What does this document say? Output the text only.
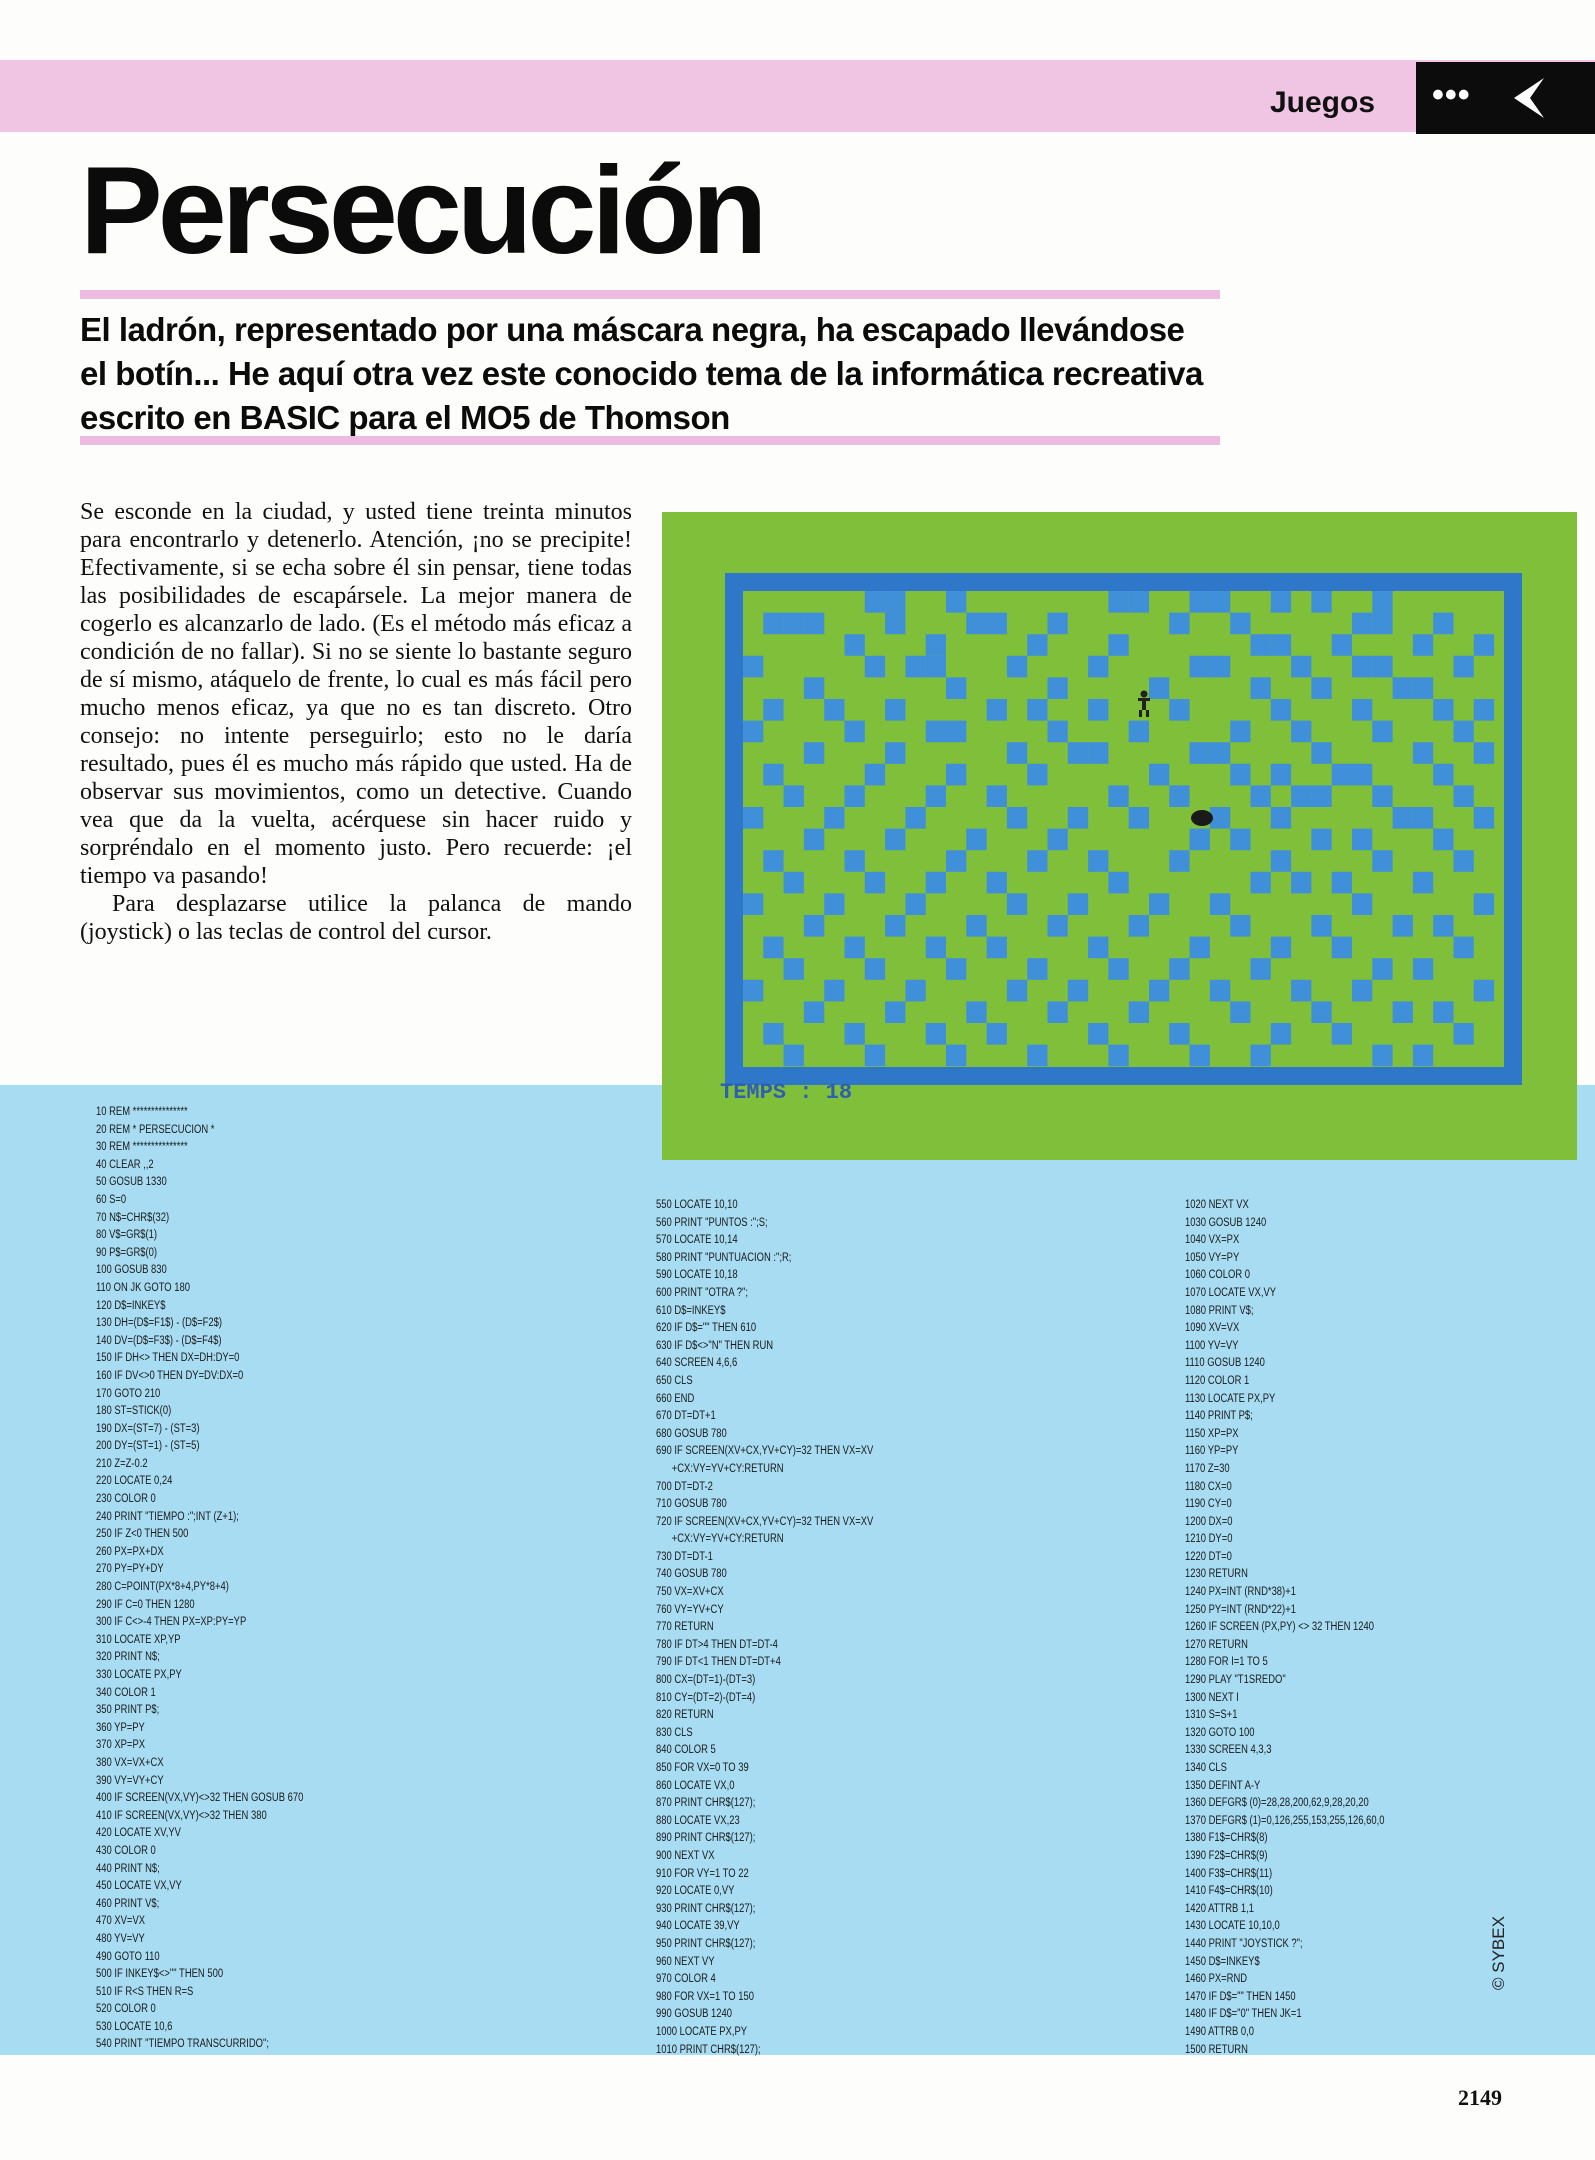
Juegos •••
Persecución

El ladrón, representado por una máscara negra, ha escapado llevándose el botín... He aquí otra vez este conocido tema de la informática recreativa escrito en BASIC para el MO5 de Thomson

Se esconde en la ciudad, y usted tiene treinta minutos para encontrarlo y detenerlo. Atención, ¡no se precipite! Efectivamente, si se echa sobre él sin pensar, tiene todas las posibilidades de escapársele. La mejor manera de cogerlo es alcanzarlo de lado. (Es el método más eficaz a condición de no fallar). Si no se siente lo bastante seguro de sí mismo, atáquelo de frente, lo cual es más fácil pero mucho menos eficaz, ya que no es tan discreto. Otro consejo: no intente perseguirlo; esto no le daría resultado, pues él es mucho más rápido que usted. Ha de observar sus movimientos, como un detective. Cuando vea que da la vuelta, acérquese sin hacer ruido y sorpréndalo en el momento justo. Pero recuerde: ¡el tiempo va pasando!

Para desplazarse utilice la palanca de mando (joystick) o las teclas de control del cursor.

TEMPS : 18
10 REM ***************
20 REM * PERSECUCION *
30 REM ***************
40 CLEAR ,,2
50 GOSUB 1330
60 S=0
70 N$=CHR$(32)
80 V$=GR$(1)
90 P$=GR$(0)
100 GOSUB 830
110 ON JK GOTO 180
120 D$=INKEY$
130 DH=(D$=F1$) - (D$=F2$)
140 DV=(D$=F3$) - (D$=F4$)
150 IF DH<> THEN DX=DH:DY=0
160 IF DV<>0 THEN DY=DV:DX=0
170 GOTO 210
180 ST=STICK(0)
190 DX=(ST=7) - (ST=3)
200 DY=(ST=1) - (ST=5)
210 Z=Z-0.2
220 LOCATE 0,24
230 COLOR 0
240 PRINT "TIEMPO :";INT (Z+1);
250 IF Z<0 THEN 500
260 PX=PX+DX
270 PY=PY+DY
280 C=POINT(PX*8+4,PY*8+4)
290 IF C=0 THEN 1280
300 IF C<>-4 THEN PX=XP:PY=YP
310 LOCATE XP,YP
320 PRINT N$;
330 LOCATE PX,PY
340 COLOR 1
350 PRINT P$;
360 YP=PY
370 XP=PX
380 VX=VX+CX
390 VY=VY+CY
400 IF SCREEN(VX,VY)<>32 THEN GOSUB 670
410 IF SCREEN(VX,VY)<>32 THEN 380
420 LOCATE XV,YV
430 COLOR 0
440 PRINT N$;
450 LOCATE VX,VY
460 PRINT V$;
470 XV=VX
480 YV=VY
490 GOTO 110
500 IF INKEY$<>"" THEN 500
510 IF R<S THEN R=S
520 COLOR 0
530 LOCATE 10,6
540 PRINT "TIEMPO TRANSCURRIDO";
550 LOCATE 10,10
560 PRINT "PUNTOS :";S;
570 LOCATE 10,14
580 PRINT "PUNTUACION :";R;
590 LOCATE 10,18
600 PRINT "OTRA ?";
610 D$=INKEY$
620 IF D$="" THEN 610
630 IF D$<>"N" THEN RUN
640 SCREEN 4,6,6
650 CLS
660 END
670 DT=DT+1
680 GOSUB 780
690 IF SCREEN(XV+CX,YV+CY)=32 THEN VX=XV
+CX:VY=YV+CY:RETURN
700 DT=DT-2
710 GOSUB 780
720 IF SCREEN(XV+CX,YV+CY)=32 THEN VX=XV
+CX:VY=YV+CY:RETURN
730 DT=DT-1
740 GOSUB 780
750 VX=XV+CX
760 VY=YV+CY
770 RETURN
780 IF DT>4 THEN DT=DT-4
790 IF DT<1 THEN DT=DT+4
800 CX=(DT=1)-(DT=3)
810 CY=(DT=2)-(DT=4)
820 RETURN
830 CLS
840 COLOR 5
850 FOR VX=0 TO 39
860 LOCATE VX,0
870 PRINT CHR$(127);
880 LOCATE VX,23
890 PRINT CHR$(127);
900 NEXT VX
910 FOR VY=1 TO 22
920 LOCATE 0,VY
930 PRINT CHR$(127);
940 LOCATE 39,VY
950 PRINT CHR$(127);
960 NEXT VY
970 COLOR 4
980 FOR VX=1 TO 150
990 GOSUB 1240
1000 LOCATE PX,PY
1010 PRINT CHR$(127);
1020 NEXT VX
1030 GOSUB 1240
1040 VX=PX
1050 VY=PY
1060 COLOR 0
1070 LOCATE VX,VY
1080 PRINT V$;
1090 XV=VX
1100 YV=VY
1110 GOSUB 1240
1120 COLOR 1
1130 LOCATE PX,PY
1140 PRINT P$;
1150 XP=PX
1160 YP=PY
1170 Z=30
1180 CX=0
1190 CY=0
1200 DX=0
1210 DY=0
1220 DT=0
1230 RETURN
1240 PX=INT (RND*38)+1
1250 PY=INT (RND*22)+1
1260 IF SCREEN (PX,PY) <> 32 THEN 1240
1270 RETURN
1280 FOR I=1 TO 5
1290 PLAY "T1SREDO"
1300 NEXT I
1310 S=S+1
1320 GOTO 100
1330 SCREEN 4,3,3
1340 CLS
1350 DEFINT A-Y
1360 DEFGR$ (0)=28,28,200,62,9,28,20,20
1370 DEFGR$ (1)=0,126,255,153,255,126,60,0
1380 F1$=CHR$(8)
1390 F2$=CHR$(9)
1400 F3$=CHR$(11)
1410 F4$=CHR$(10)
1420 ATTRB 1,1
1430 LOCATE 10,10,0
1440 PRINT "JOYSTICK ?";
1450 D$=INKEY$
1460 PX=RND
1470 IF D$="" THEN 1450
1480 IF D$="0" THEN JK=1
1490 ATTRB 0,0
1500 RETURN
© SYBEX
2149
